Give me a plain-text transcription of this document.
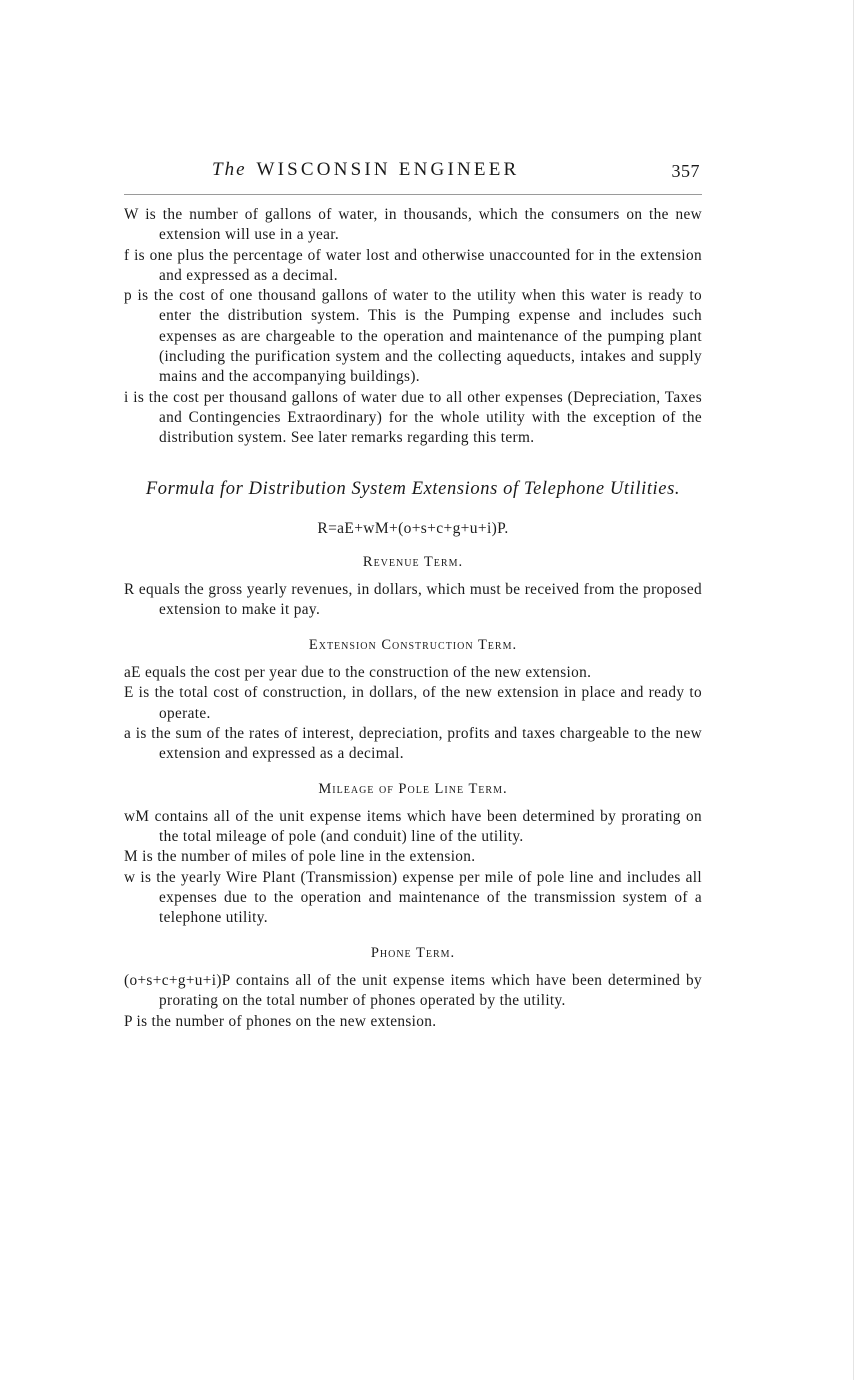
The WISCONSIN ENGINEER	357

W is the number of gallons of water, in thousands, which the consumers on the new extension will use in a year.

f is one plus the percentage of water lost and otherwise unaccounted for in the extension and expressed as a decimal.

p is the cost of one thousand gallons of water to the utility when this water is ready to enter the distribution system. This is the Pumping expense and includes such expenses as are chargeable to the operation and maintenance of the pumping plant (including the purification system and the collecting aqueducts, intakes and supply mains and the accompanying buildings).

i is the cost per thousand gallons of water due to all other expenses (Depreciation, Taxes and Contingencies Extraordinary) for the whole utility with the exception of the distribution system. See later remarks regarding this term.

Formula for Distribution System Extensions of Telephone Utilities.

R=aE+wM+(o+s+c+g+u+i)P.

Revenue Term.

R equals the gross yearly revenues, in dollars, which must be received from the proposed extension to make it pay.

Extension Construction Term.

aE equals the cost per year due to the construction of the new extension.

E is the total cost of construction, in dollars, of the new extension in place and ready to operate.

a is the sum of the rates of interest, depreciation, profits and taxes chargeable to the new extension and expressed as a decimal.

Mileage of Pole Line Term.

wM contains all of the unit expense items which have been determined by prorating on the total mileage of pole (and conduit) line of the utility.

M is the number of miles of pole line in the extension.

w is the yearly Wire Plant (Transmission) expense per mile of pole line and includes all expenses due to the operation and maintenance of the transmission system of a telephone utility.

Phone Term.

(o+s+c+g+u+i)P contains all of the unit expense items which have been determined by prorating on the total number of phones operated by the utility.

P is the number of phones on the new extension.
